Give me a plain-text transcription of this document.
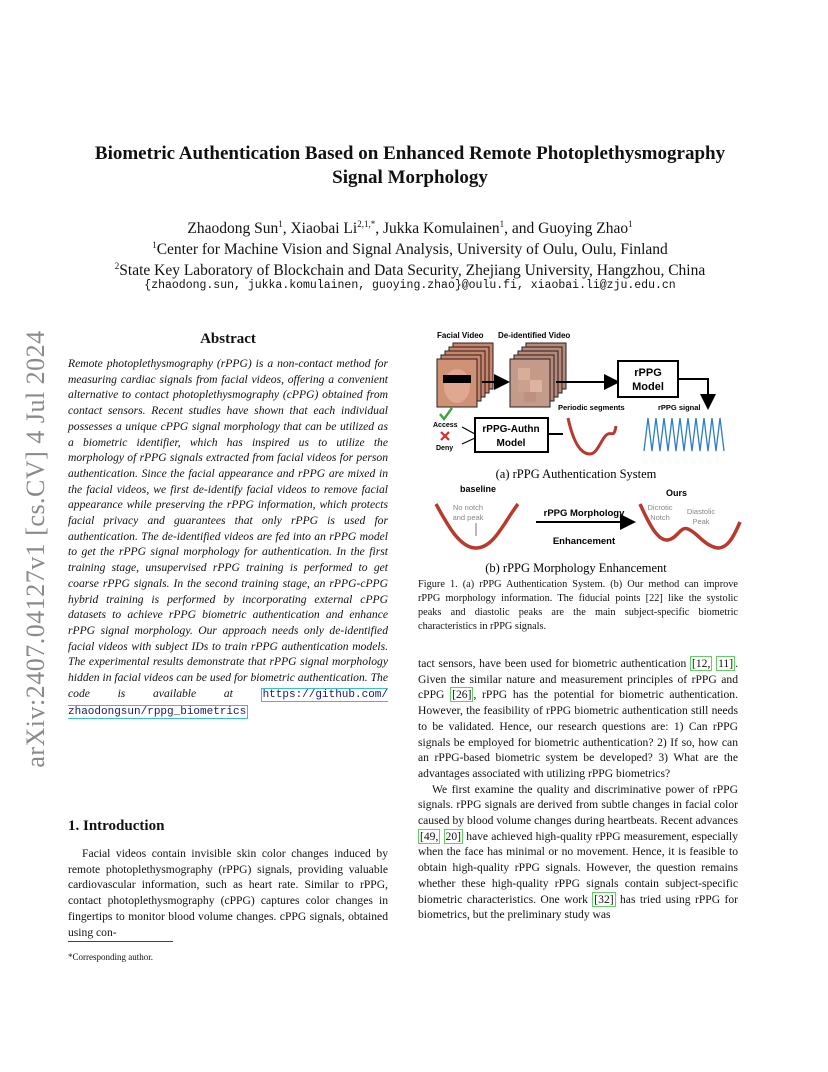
Biometric Authentication Based on Enhanced Remote Photoplethysmography
Signal Morphology
Zhaodong Sun$^1$, Xiaobai $Li^{2,1,*}$, Jukka Komulainen$^1$, and Guoying Zhao$^1$
$^1$Center for Machine Vision and Signal Analysis, University of Oulu, Oulu, Finland
$^2$State Key Laboratory of Blockchain and Data Security, Zhejiang University, Hangzhou, China
{zhaodong.sun, jukka.komulainen, guoying.zhao}@oulu.fi, xiaobai.li@zju.edu.cn
arXiv:2407.04127v1 [cs.CV] 4 Jul 2024	Abstract
Remote photoplethysmography (rPPG) is a non-contact method for measuring cardiac signals from facial videos, offering a convenient alternative to contact photoplethysmography (cPPG) obtained from contact sensors. Recent studies have shown that each individual possesses a unique cPPG signal morphology that can be utilized as a biometric identifier, which has inspired us to utilize the morphology of rPPG signals extracted from facial videos for person authentication. Since the facial appearance and rPPG are mixed in the facial videos, we first de-identify facial videos to remove facial appearance while preserving the rPPG information, which protects facial privacy and guarantees that only rPPG is used for authentication. The de-identified videos are fed into an rPPG model to get the rPPG signal morphology for authentication. In the first training stage, unsupervised rPPG training is performed to get coarse rPPG signals. In the second training stage, an rPPG-cPPG hybrid training is performed by incorporating external cPPG datasets to achieve rPPG biometric authentication and enhance rPPG signal morphology. Our approach needs only de-identified facial videos with subject IDs to train rPPG authentication models. The experimental results demonstrate that rPPG signal morphology hidden in facial videos can be used for biometric authentication. The code is available at	https://github.com/ zhaodongsun/rppg_biometrics
1. Introduction
Facial videos contain invisible skin color changes induced by remote photoplethysmography (rPPG) signals, providing valuable cardiovascular information, such as heart rate. Similar to rPPG, contact photoplethysmography (cPPG) captures color changes in fingertips to monitor blood volume changes. cPPG signals, obtained using con-
*Corresponding author.
Facial Video De-identified Video
rPPG
Model
rPPG signal
Periodic segments
rPPG-Authn
Model
Access
Deny
(a) rPPG Authentication System
baseline	Ours
No notch
and peak	rPPG Morphology
Enhancement
Dicrotic
Notch
Diastolic
Peak
(b) rPPG Morphology Enhancement
Figure 1. (a) rPPG Authentication System. (b) Our method can improve rPPG morphology information. The fiducial points [22] like the systolic peaks and diastolic peaks are the main subject-specific biometric characteristics in rPPG signals.

tact sensors, have been used for biometric authentication [12, 11] . Given the similar nature and measurement principles of rPPG and cPPG [26] , rPPG has the potential for biometric authentication. However, the feasibility of rPPG biometric authentication still needs to be validated. Hence, our research questions are: 1) Can rPPG signals be employed for biometric authentication? 2) If so, how can an rPPG-based biometric system be developed? 3) What are the advantages associated with utilizing rPPG biometrics?

We first examine the quality and discriminative power of rPPG signals. rPPG signals are derived from subtle changes in facial color caused by blood volume changes during heartbeats. Recent advances [49, 20] have achieved high-quality rPPG measurement, especially when the face has minimal or no movement. Hence, it is feasible to obtain high-quality rPPG signals. However, the question remains whether these high-quality rPPG signals contain subject-specific biometric characteristics. One work [32] has tried using rPPG for biometrics, but the preliminary study was
